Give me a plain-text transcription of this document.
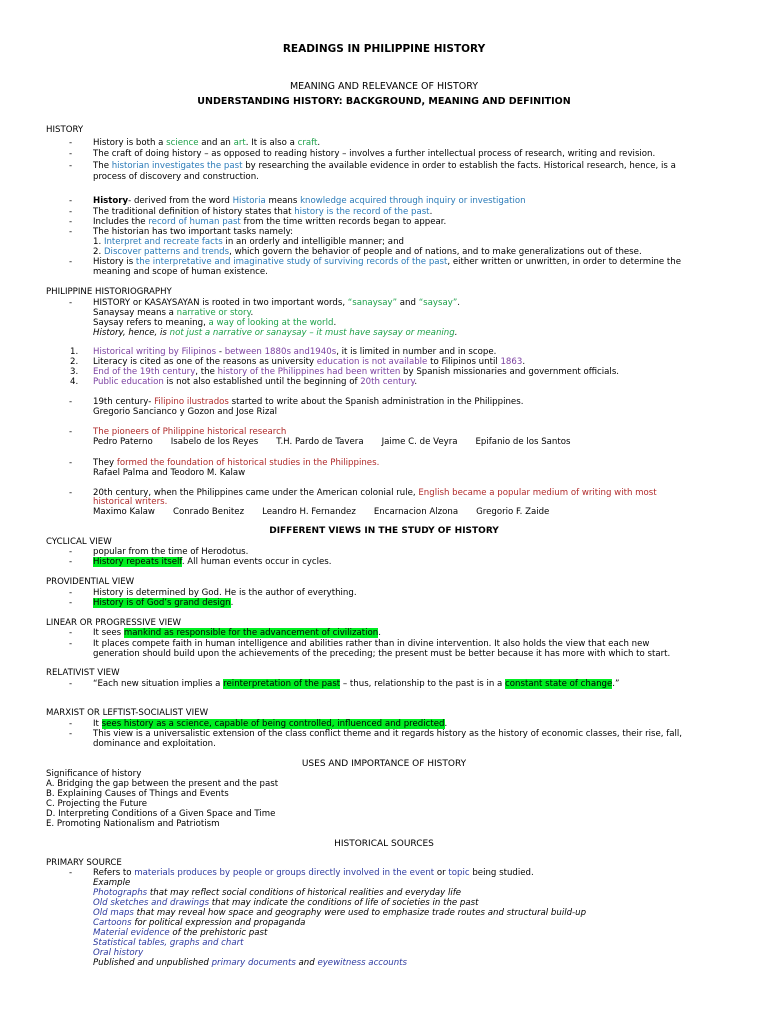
READINGS IN PHILIPPINE HISTORY
MEANING AND RELEVANCE OF HISTORY
UNDERSTANDING HISTORY: BACKGROUND, MEANING AND DEFINITION
HISTORY
- History is both a science and an art. It is also a craft.
- The craft of doing history – as opposed to reading history – involves a further intellectual process of research, writing and revision.
- The historian investigates the past by researching the available evidence in order to establish the facts. Historical research, hence, is a
process of discovery and construction.
- History- derived from the word Historia means knowledge acquired through inquiry or investigation
- The traditional definition of history states that history is the record of the past.
- Includes the record of human past from the time written records began to appear.
- The historian has two important tasks namely:
1. Interpret and recreate facts in an orderly and intelligible manner; and
2. Discover patterns and trends, which govern the behavior of people and of nations, and to make generalizations out of these.
- History is the interpretative and imaginative study of surviving records of the past, either written or unwritten, in order to determine the
meaning and scope of human existence.
PHILIPPINE HISTORIOGRAPHY
- HISTORY or KASAYSAYAN is rooted in two important words, “sanaysay” and “saysay”.
Sanaysay means a narrative or story.
Saysay refers to meaning, a way of looking at the world.
History, hence, is not just a narrative or sanaysay – it must have saysay or meaning.
1. Historical writing by Filipinos - between 1880s and1940s, it is limited in number and in scope.
2. Literacy is cited as one of the reasons as university education is not available to Filipinos until 1863.
3. End of the 19th century, the history of the Philippines had been written by Spanish missionaries and government officials.
4. Public education is not also established until the beginning of 20th century.
- 19th century- Filipino ilustrados started to write about the Spanish administration in the Philippines.
Gregorio Sancianco y Gozon and Jose Rizal
- The pioneers of Philippine historical research
Pedro Paterno Isabelo de los Reyes T.H. Pardo de Tavera Jaime C. de Veyra Epifanio de los Santos
- They formed the foundation of historical studies in the Philippines.
Rafael Palma and Teodoro M. Kalaw
- 20th century, when the Philippines came under the American colonial rule, English became a popular medium of writing with most
historical writers.
Maximo Kalaw Conrado Benitez Leandro H. Fernandez Encarnacion Alzona Gregorio F. Zaide
DIFFERENT VIEWS IN THE STUDY OF HISTORY
CYCLICAL VIEW
- popular from the time of Herodotus.
- History repeats itself. All human events occur in cycles.
PROVIDENTIAL VIEW
- History is determined by God. He is the author of everything.
- History is of God’s grand design.
LINEAR OR PROGRESSIVE VIEW
- It sees mankind as responsible for the advancement of civilization.
- It places compete faith in human intelligence and abilities rather than in divine intervention. It also holds the view that each new
generation should build upon the achievements of the preceding; the present must be better because it has more with which to start.
RELATIVIST VIEW
- “Each new situation implies a reinterpretation of the past – thus, relationship to the past is in a constant state of change.”
MARXIST OR LEFTIST-SOCIALIST VIEW
- It sees history as a science, capable of being controlled, influenced and predicted.
- This view is a universalistic extension of the class conflict theme and it regards history as the history of economic classes, their rise, fall,
dominance and exploitation.
USES AND IMPORTANCE OF HISTORY
Significance of history
A. Bridging the gap between the present and the past
B. Explaining Causes of Things and Events
C. Projecting the Future
D. Interpreting Conditions of a Given Space and Time
E. Promoting Nationalism and Patriotism
HISTORICAL SOURCES
PRIMARY SOURCE
- Refers to materials produces by people or groups directly involved in the event or topic being studied.
Example
Photographs that may reflect social conditions of historical realities and everyday life
Old sketches and drawings that may indicate the conditions of life of societies in the past
Old maps that may reveal how space and geography were used to emphasize trade routes and structural build-up
Cartoons for political expression and propaganda
Material evidence of the prehistoric past
Statistical tables, graphs and chart
Oral history
Published and unpublished primary documents and eyewitness accounts
